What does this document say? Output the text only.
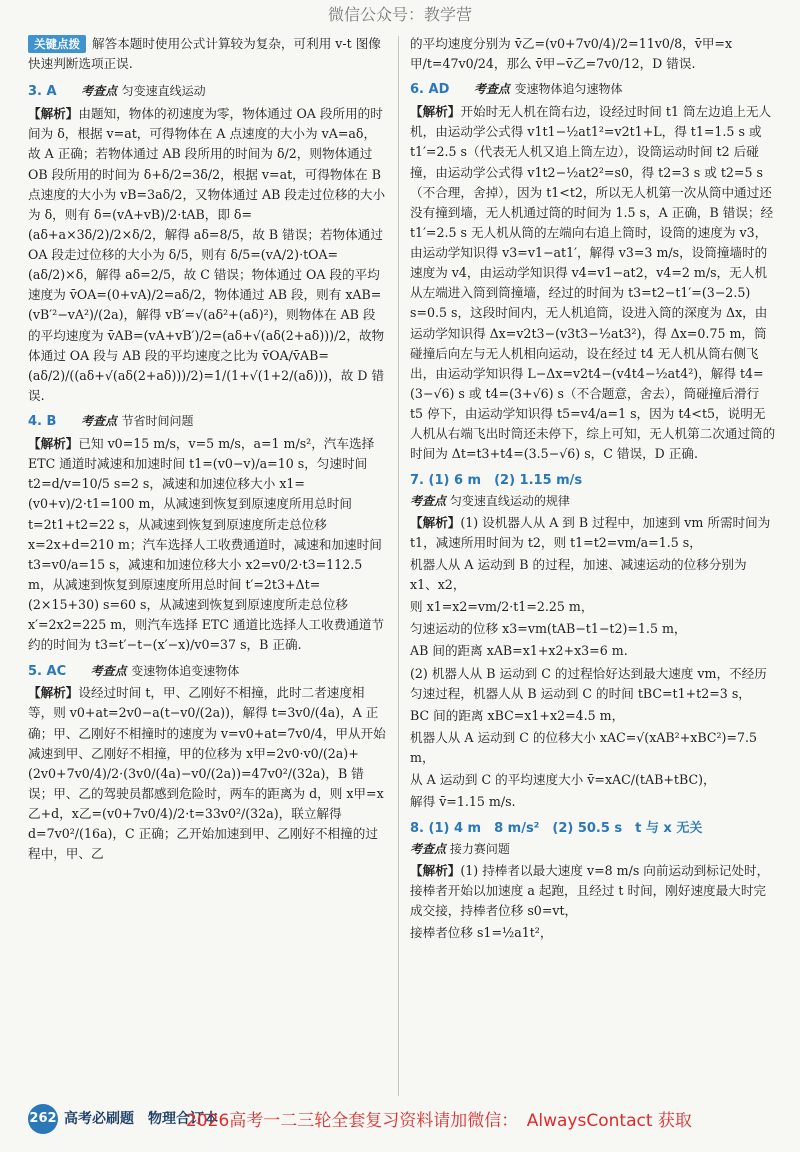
微信公众号：教学营

关键点拨 解答本题时使用公式计算较为复杂，可利用 v-t 图像快速判断选项正误.

3. A 考查点 匀变速直线运动

【解析】由题知，物体的初速度为零，物体通过 OA 段所用的时间为 δ，根据 v=at，可得物体在 A 点速度的大小为 vA=aδ，故 A 正确；若物体通过 AB 段所用的时间为 δ/2，则物体通过 OB 段所用的时间为 δ+δ/2=3δ/2，根据 v=at，可得物体在 B 点速度的大小为 vB=3aδ/2，又物体通过 AB 段走过位移的大小为 δ，则有 δ=(vA+vB)/2·tAB，即 δ=(aδ+a×3δ/2)/2×δ/2，解得 aδ=8/5，故 B 错误；若物体通过 OA 段走过位移的大小为 δ/5，则有 δ/5=(vA/2)·tOA=(aδ/2)×δ，解得 aδ=2/5，故 C 错误；物体通过 OA 段的平均速度为 v̄OA=(0+vA)/2=aδ/2，物体通过 AB 段，则有 xAB=(vB′²−vA²)/(2a)，解得 vB′=√(aδ²+(aδ)²)，则物体在 AB 段的平均速度为 v̄AB=(vA+vB′)/2=(aδ+√(aδ(2+aδ)))/2，故物体通过 OA 段与 AB 段的平均速度之比为 v̄OA/v̄AB=(aδ/2)/((aδ+√(aδ(2+aδ)))/2)=1/(1+√(1+2/(aδ)))，故 D 错误.

4. B 考查点 节省时间问题

【解析】已知 v0=15 m/s，v=5 m/s，a=1 m/s²，汽车选择 ETC 通道时减速和加速时间 t1=(v0−v)/a=10 s，匀速时间 t2=d/v=10/5 s=2 s，减速和加速位移大小 x1=(v0+v)/2·t1=100 m，从减速到恢复到原速度所用总时间 t=2t1+t2=22 s，从减速到恢复到原速度所走总位移 x=2x+d=210 m；汽车选择人工收费通道时，减速和加速时间 t3=v0/a=15 s，减速和加速位移大小 x2=v0/2·t3=112.5 m，从减速到恢复到原速度所用总时间 t′=2t3+Δt=(2×15+30) s=60 s，从减速到恢复到原速度所走总位移 x′=2x2=225 m，则汽车选择 ETC 通道比选择人工收费通道节约的时间为 t3=t′−t−(x′−x)/v0=37 s，B 正确.

5. AC 考查点 变速物体追变速物体

【解析】设经过时间 t，甲、乙刚好不相撞，此时二者速度相等，则 v0+at=2v0−a(t−v0/(2a))，解得 t=3v0/(4a)，A 正确；甲、乙刚好不相撞时的速度为 v=v0+at=7v0/4，甲从开始减速到甲、乙刚好不相撞，甲的位移为 x甲=2v0·v0/(2a)+(2v0+7v0/4)/2·(3v0/(4a)−v0/(2a))=47v0²/(32a)，B 错误；甲、乙的驾驶员都感到危险时，两车的距离为 d，则 x甲=x乙+d，x乙=(v0+7v0/4)/2·t=33v0²/(32a)，联立解得 d=7v0²/(16a)，C 正确；乙开始加速到甲、乙刚好不相撞的过程中，甲、乙

的平均速度分别为 v̄乙=(v0+7v0/4)/2=11v0/8，v̄甲=x甲/t=47v0/24，那么 v̄甲−v̄乙=7v0/12，D 错误.

6. AD 考查点 变速物体追匀速物体

【解析】开始时无人机在筒右边，设经过时间 t1 筒左边追上无人机，由运动学公式得 v1t1−½at1²=v2t1+L，得 t1=1.5 s 或 t1′=2.5 s（代表无人机又追上筒左边），设筒运动时间 t2 后碰撞，由运动学公式得 v1t2−½at2²=s0，得 t2=3 s 或 t2=5 s（不合理，舍掉），因为 t1<t2，所以无人机第一次从筒中通过还没有撞到墙，无人机通过筒的时间为 1.5 s，A 正确，B 错误；经 t1′=2.5 s 无人机从筒的左端向右追上筒时，设筒的速度为 v3，由运动学知识得 v3=v1−at1′，解得 v3=3 m/s，设筒撞墙时的速度为 v4，由运动学知识得 v4=v1−at2，v4=2 m/s，无人机从左端进入筒到筒撞墙，经过的时间为 t3=t2−t1′=(3−2.5) s=0.5 s，这段时间内，无人机追筒，设进入筒的深度为 Δx，由运动学知识得 Δx=v2t3−(v3t3−½at3²)，得 Δx=0.75 m，筒碰撞后向左与无人机相向运动，设在经过 t4 无人机从筒右侧飞出，由运动学知识得 L−Δx=v2t4−(v4t4−½at4²)，解得 t4=(3−√6) s 或 t4=(3+√6) s（不合题意，舍去），筒碰撞后滑行 t5 停下，由运动学知识得 t5=v4/a=1 s，因为 t4<t5，说明无人机从右端飞出时筒还未停下，综上可知，无人机第二次通过筒的时间为 Δt=t3+t4=(3.5−√6) s，C 错误，D 正确.

7. (1) 6 m　(2) 1.15 m/s
考查点 匀变速直线运动的规律

【解析】(1) 设机器人从 A 到 B 过程中，加速到 vm 所需时间为 t1，减速所用时间为 t2，则 t1=t2=vm/a=1.5 s，

机器人从 A 运动到 B 的过程，加速、减速运动的位移分别为 x1、x2，

则 x1=x2=vm/2·t1=2.25 m，

匀速运动的位移 x3=vm(tAB−t1−t2)=1.5 m，

AB 间的距离 xAB=x1+x2+x3=6 m.

(2) 机器人从 B 运动到 C 的过程恰好达到最大速度 vm，不经历匀速过程，机器人从 B 运动到 C 的时间 tBC=t1+t2=3 s，

BC 间的距离 xBC=x1+x2=4.5 m，

机器人从 A 运动到 C 的位移大小 xAC=√(xAB²+xBC²)=7.5 m，

从 A 运动到 C 的平均速度大小 v̄=xAC/(tAB+tBC)，

解得 v̄=1.15 m/s.

8. (1) 4 m　8 m/s²　(2) 50.5 s　t 与 x 无关
考查点 接力赛问题

【解析】(1) 持棒者以最大速度 v=8 m/s 向前运动到标记处时，接棒者开始以加速度 a 起跑，且经过 t 时间，刚好速度最大时完成交接，持棒者位移 s0=vt，

接棒者位移 s1=½a1t²，

262 高考必刷题　物理合订本
2026高考一二三轮全套复习资料请加微信：　AlwaysContact 获取
